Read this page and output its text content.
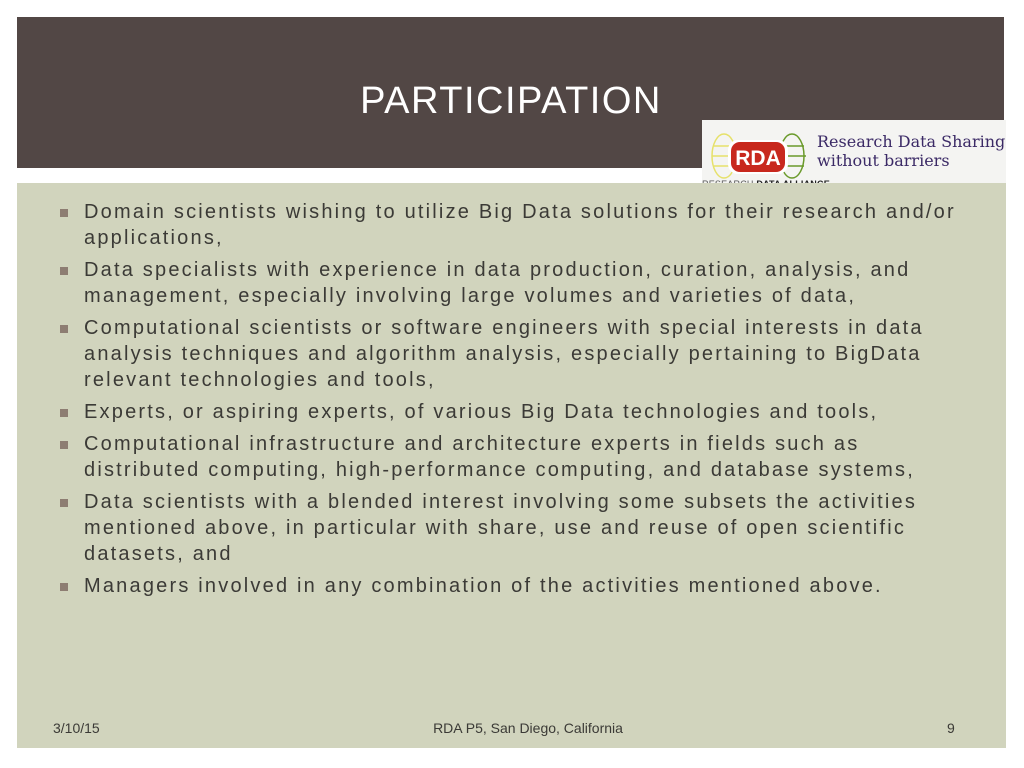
PARTICIPATION
RDA
Research Data Sharing
without barriers
Domain scientists wishing to utilize Big Data solutions for their research and/or applications,
Data specialists with experience in data production, curation, analysis, and management, especially involving large volumes and varieties of data,
Computational scientists or software engineers with special interests in data analysis techniques and algorithm analysis, especially pertaining to BigData relevant technologies and tools,
Experts, or aspiring experts, of various Big Data technologies and tools,
Computational infrastructure and architecture experts in fields such as distributed computing, high-performance computing, and database systems,
Data scientists with a blended interest involving some subsets the activities mentioned above, in particular with share, use and reuse of open scientific datasets, and
Managers involved in any combination of the activities mentioned above.
3/10/15	RDA P5, San Diego, California	9
